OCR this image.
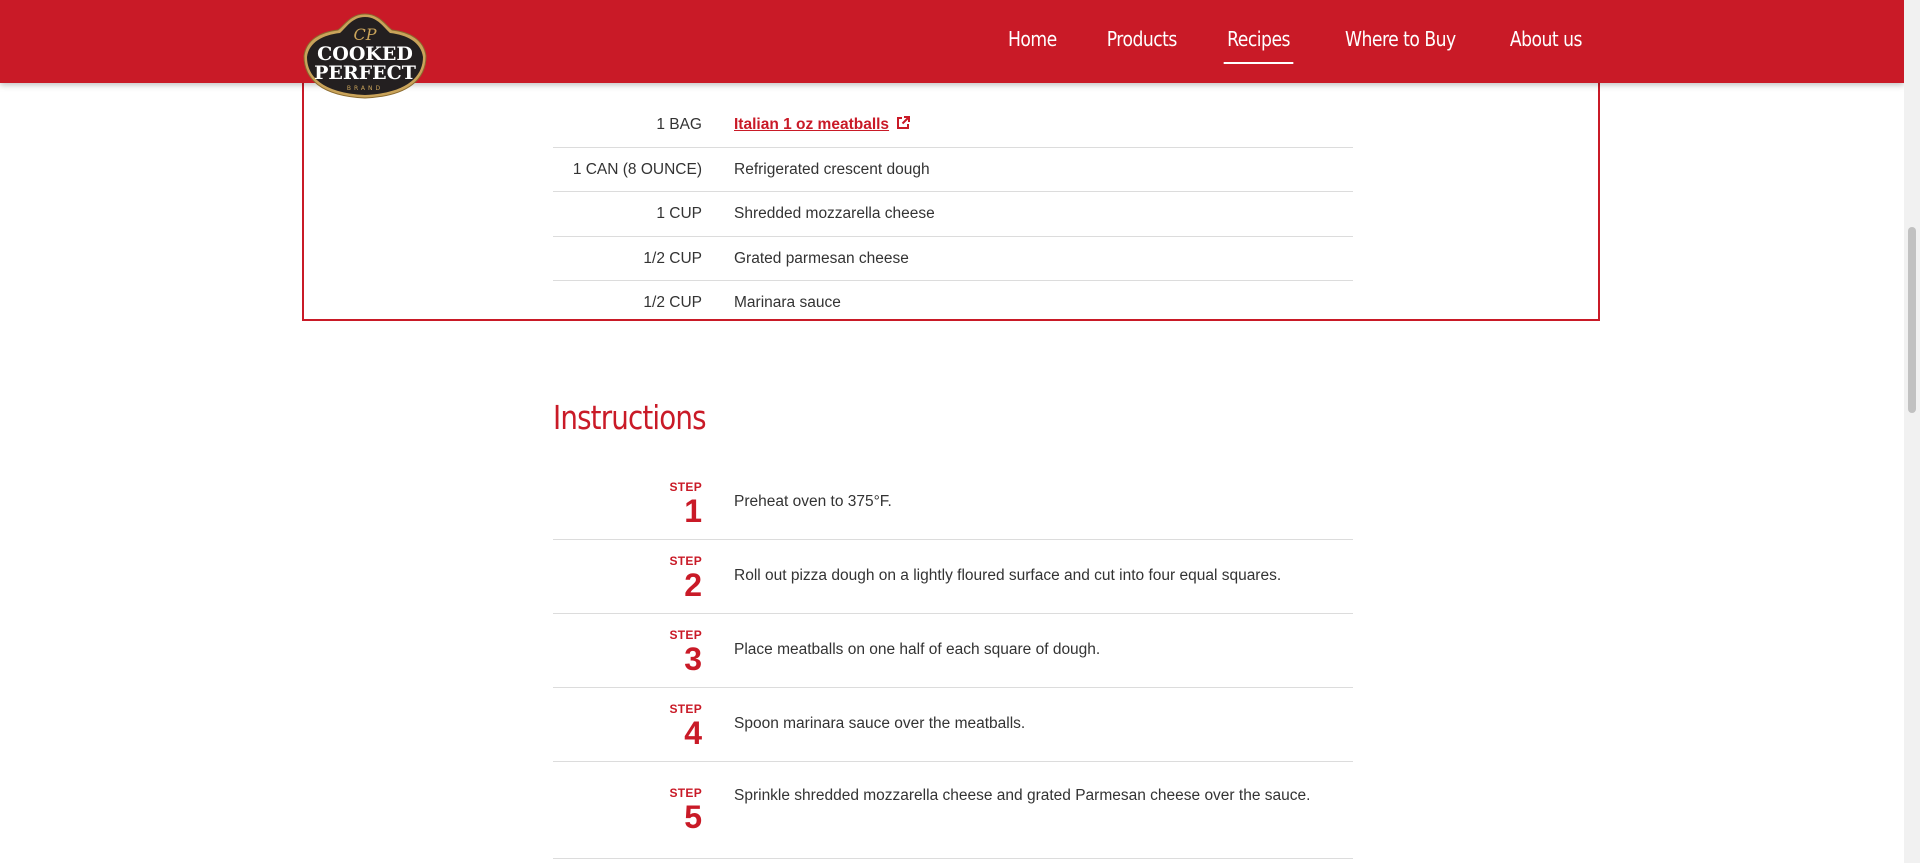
Home Products	Recipes	Where to Buy	About us
CP
COOKED
PERFECT
BRAND
1 BAG Italian 1 oz meatballs
1 CAN (8 OUNCE) Refrigerated crescent dough
1 CUP Shredded mozzarella cheese
1/2 CUP Grated parmesan cheese
1/2 CUP Marinara sauce
Instructions
STEP
1 Preheat oven to 375°F.
STEP
2 Roll out pizza dough on a lightly floured surface and cut into four equal squares.
STEP
3 Place meatballs on one half of each square of dough.
STEP
4 Spoon marinara sauce over the meatballs.
STEP
5
Sprinkle shredded mozzarella cheese and grated Parmesan cheese over the sauce.
